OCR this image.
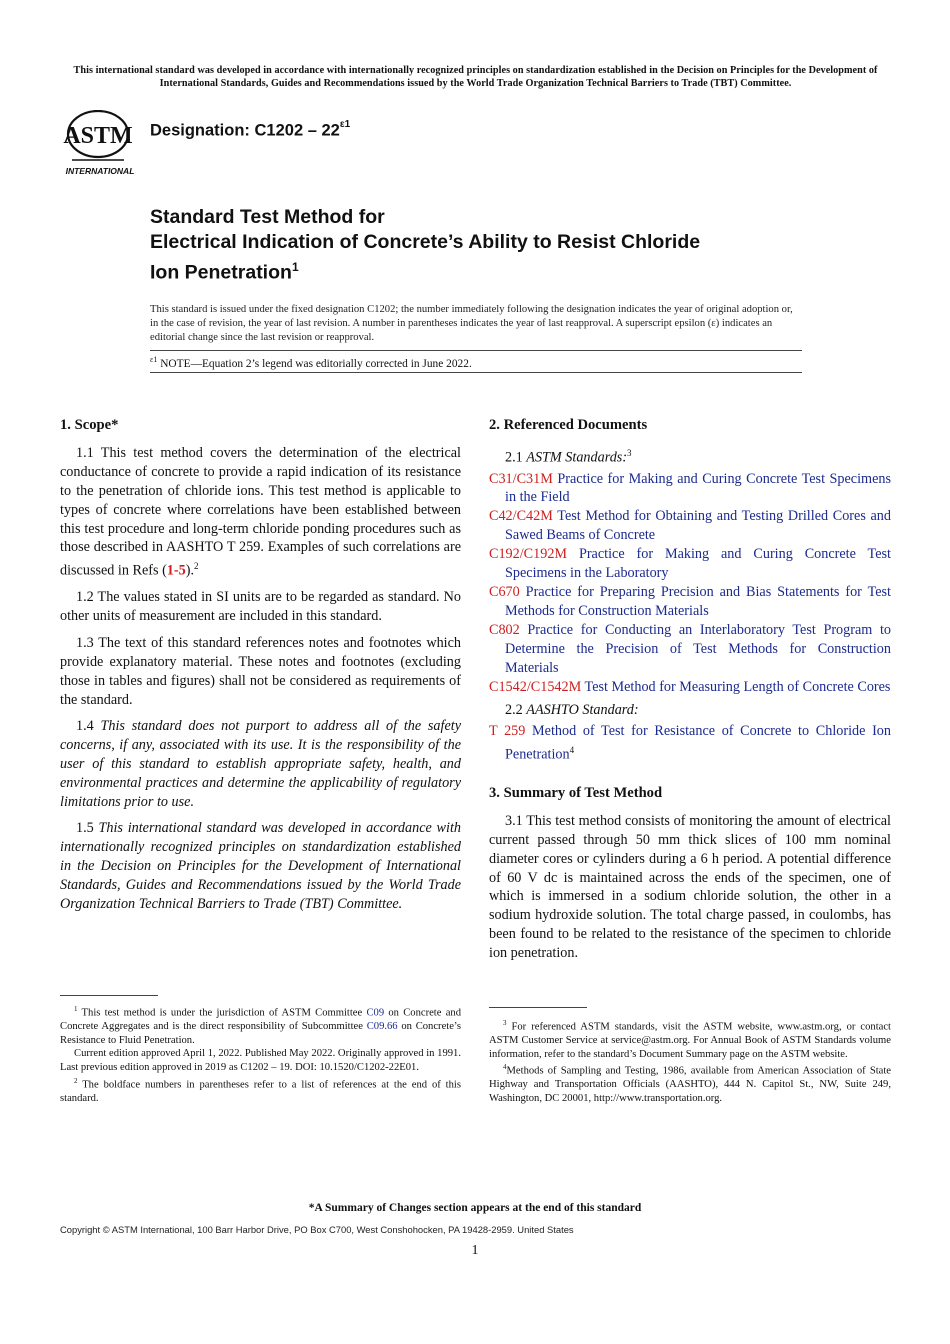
This international standard was developed in accordance with internationally recognized principles on standardization established in the Decision on Principles for the Development of International Standards, Guides and Recommendations issued by the World Trade Organization Technical Barriers to Trade (TBT) Committee.
ASTM
INTERNATIONAL
Designation: $C1202 - 22^{\varepsilon 1}$
Standard Test Method for
Electrical Indication of Concrete’s Ability to Resist Chloride
Ion Penetration$^1$
This standard is issued under the fixed designation C1202; the number immediately following the designation indicates the year of original adoption or, in the case of revision, the year of last revision. A number in parentheses indicates the year of last reapproval. A superscript epsilon (ε) indicates an editorial change since the last revision or reapproval.
$^{\varepsilon 1}$ NOTE—Equation 2’s legend was editorially corrected in June 2022.
1. Scope*

1.1 This test method covers the determination of the electrical conductance of concrete to provide a rapid indication of its resistance to the penetration of chloride ions. This test method is applicable to types of concrete where correlations have been established between this test procedure and long-term chloride ponding procedures such as those described in AASHTO T 259. Examples of such correlations are discussed in Refs (1-5).$^2$

1.2 The values stated in SI units are to be regarded as standard. No other units of measurement are included in this standard.

1.3 The text of this standard references notes and footnotes which provide explanatory material. These notes and footnotes (excluding those in tables and figures) shall not be considered as requirements of the standard.

1.4 This standard does not purport to address all of the safety concerns, if any, associated with its use. It is the responsibility of the user of this standard to establish appropriate safety, health, and environmental practices and determine the applicability of regulatory limitations prior to use.

1.5 This international standard was developed in accordance with internationally recognized principles on standardization established in the Decision on Principles for the Development of International Standards, Guides and Recommendations issued by the World Trade Organization Technical Barriers to Trade (TBT) Committee.

2. Referenced Documents
2.1 ASTM Standards:$^3$
C31/C31M Practice for Making and Curing Concrete Test Specimens in the Field
C42/C42M Test Method for Obtaining and Testing Drilled Cores and Sawed Beams of Concrete
C192/C192M Practice for Making and Curing Concrete Test Specimens in the Laboratory
C670 Practice for Preparing Precision and Bias Statements for Test Methods for Construction Materials
C802 Practice for Conducting an Interlaboratory Test Program to Determine the Precision of Test Methods for Construction Materials
C1542/C1542M Test Method for Measuring Length of Concrete Cores
2.2 AASHTO Standard:
T 259 Method of Test for Resistance of Concrete to Chloride Ion Penetration$^4$
3. Summary of Test Method

3.1 This test method consists of monitoring the amount of electrical current passed through 50 mm thick slices of 100 mm nominal diameter cores or cylinders during a 6 h period. A potential difference of 60 V dc is maintained across the ends of the specimen, one of which is immersed in a sodium chloride solution, the other in a sodium hydroxide solution. The total charge passed, in coulombs, has been found to be related to the resistance of the specimen to chloride ion penetration.

$^1$ This test method is under the jurisdiction of ASTM Committee C09 on Concrete and Concrete Aggregates and is the direct responsibility of Subcommittee C09.66 on Concrete’s Resistance to Fluid Penetration.

Current edition approved April 1, 2022. Published May 2022. Originally approved in 1991. Last previous edition approved in 2019 as C1202 – 19. DOI: 10.1520/C1202-22E01.

$^2$ The boldface numbers in parentheses refer to a list of references at the end of this standard.

$^3$ For referenced ASTM standards, visit the ASTM website, www.astm.org, or contact ASTM Customer Service at service@astm.org. For Annual Book of ASTM Standards volume information, refer to the standard’s Document Summary page on the ASTM website.

$^4$Methods of Sampling and Testing, 1986, available from American Association of State Highway and Transportation Officials (AASHTO), 444 N. Capitol St., NW, Suite 249, Washington, DC 20001, http://www.transportation.org.

*A Summary of Changes section appears at the end of this standard
Copyright © ASTM International, 100 Barr Harbor Drive, PO Box C700, West Conshohocken, PA 19428-2959. United States
1
